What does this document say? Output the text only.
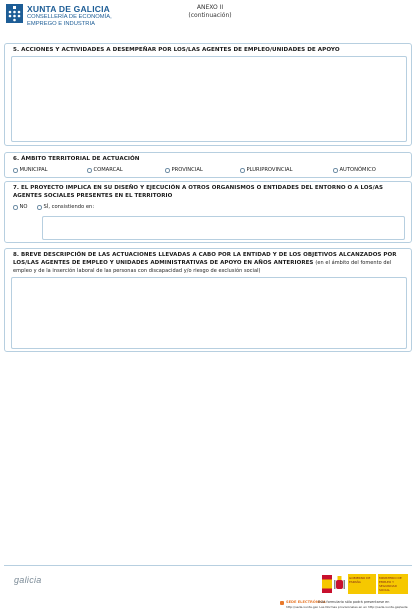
XUNTA DE GALICIA
CONSELLERÍA DE ECONOMÍA,
EMPREGO E INDUSTRIA
ANEXO II
(continuación)
5. ACCIONES Y ACTIVIDADES A DESEMPEÑAR POR LOS/LAS AGENTES DE EMPLEO/UNIDADES DE APOYO
6. ÁMBITO TERRITORIAL DE ACTUACIÓN
MUNICIPAL	COMARCAL	PROVINCIAL	PLURIPROVINCIAL	AUTONÓMICO
7. EL PROYECTO IMPLICA EN SU DISEÑO Y EJECUCIÓN A OTROS ORGANISMOS O ENTIDADES DEL ENTORNO O A LOS/AS
AGENTES SOCIALES PRESENTES EN EL TERRITORIO
NO	SÍ, consistiendo en:
8. BREVE DESCRIPCIÓN DE LAS ACTUACIONES LLEVADAS A CABO POR LA ENTIDAD Y DE LOS OBJETIVOS ALCANZADOS POR
LOS/LAS AGENTES DE EMPLEO Y UNIDADES ADMINISTRATIVAS DE APOYO EN AÑOS ANTERIORES (en el ámbito del fomento del
empleo y de la inserción laboral de las personas con discapacidad y/o riesgo de exclusión social)
galicia	GOBIERNO DE ESPAÑA
MINISTERIO DE EMPLEO Y SEGURIDAD SOCIAL
SEDE ELECTRÓNICA
Este formulario sólo podrá presentarse en
http://sede.xunta.gal. Las Normas provisionales en en http://sede.xunta.gal/sede
